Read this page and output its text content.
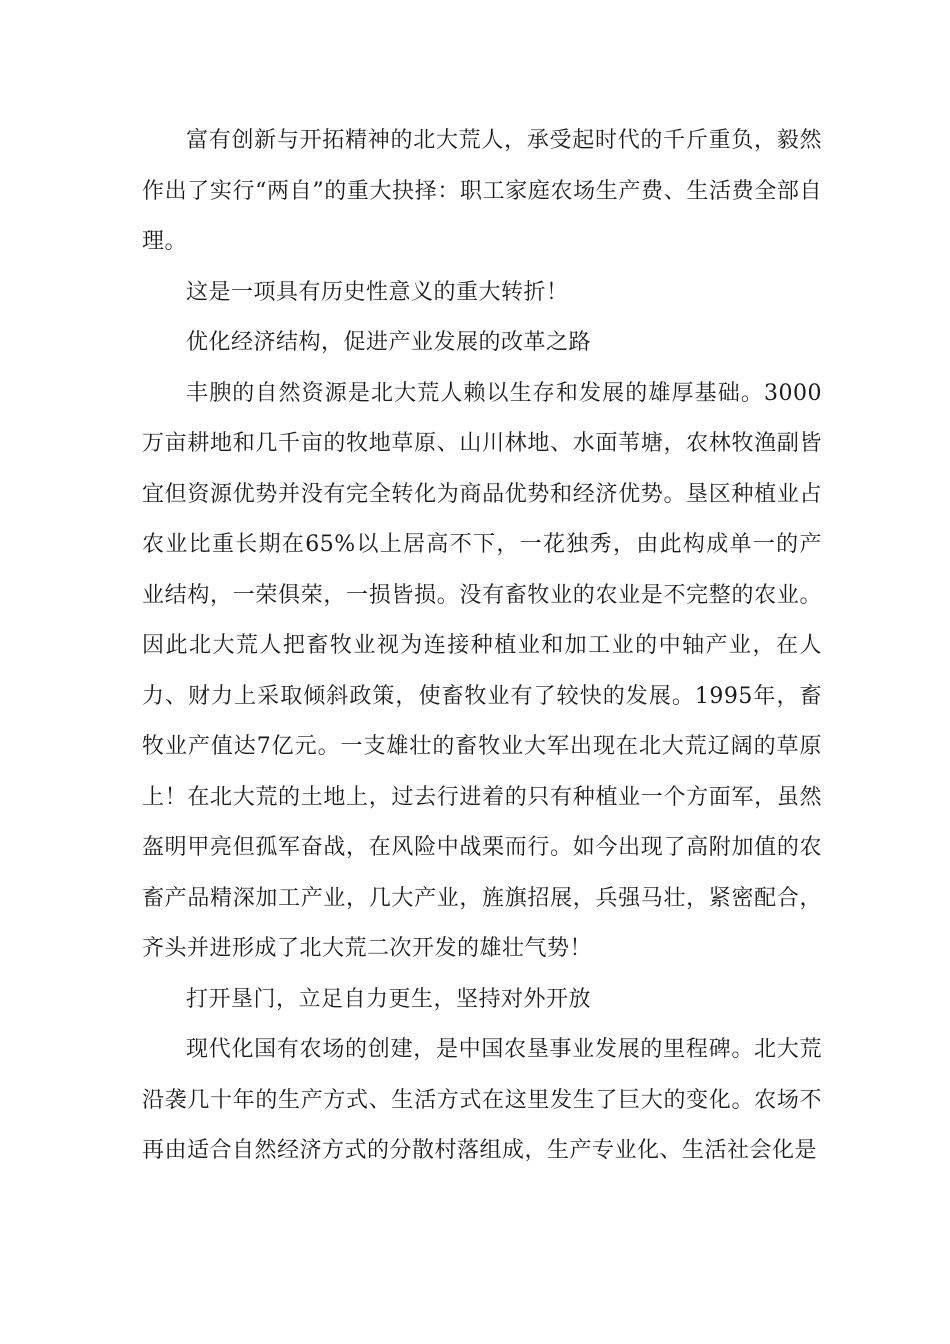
富有创新与开拓精神的北大荒人，承受起时代的千斤重负，毅然作出了实行“两自”的重大抉择：职工家庭农场生产费、生活费全部自理。

这是一项具有历史性意义的重大转折！

优化经济结构，促进产业发展的改革之路

丰腴的自然资源是北大荒人赖以生存和发展的雄厚基础。3000万亩耕地和几千亩的牧地草原、山川林地、水面苇塘，农林牧渔副皆宜但资源优势并没有完全转化为商品优势和经济优势。垦区种植业占农业比重长期在65%以上居高不下，一花独秀，由此构成单一的产业结构，一荣俱荣，一损皆损。没有畜牧业的农业是不完整的农业。因此北大荒人把畜牧业视为连接种植业和加工业的中轴产业，在人力、财力上采取倾斜政策，使畜牧业有了较快的发展。1995年，畜牧业产值达7亿元。一支雄壮的畜牧业大军出现在北大荒辽阔的草原上！在北大荒的土地上，过去行进着的只有种植业一个方面军，虽然盔明甲亮但孤军奋战，在风险中战栗而行。如今出现了高附加值的农畜产品精深加工产业，几大产业，旌旗招展，兵强马壮，紧密配合，齐头并进形成了北大荒二次开发的雄壮气势！

打开垦门，立足自力更生，坚持对外开放

现代化国有农场的创建，是中国农垦事业发展的里程碑。北大荒沿袭几十年的生产方式、生活方式在这里发生了巨大的变化。农场不再由适合自然经济方式的分散村落组成，生产专业化、生活社会化是
